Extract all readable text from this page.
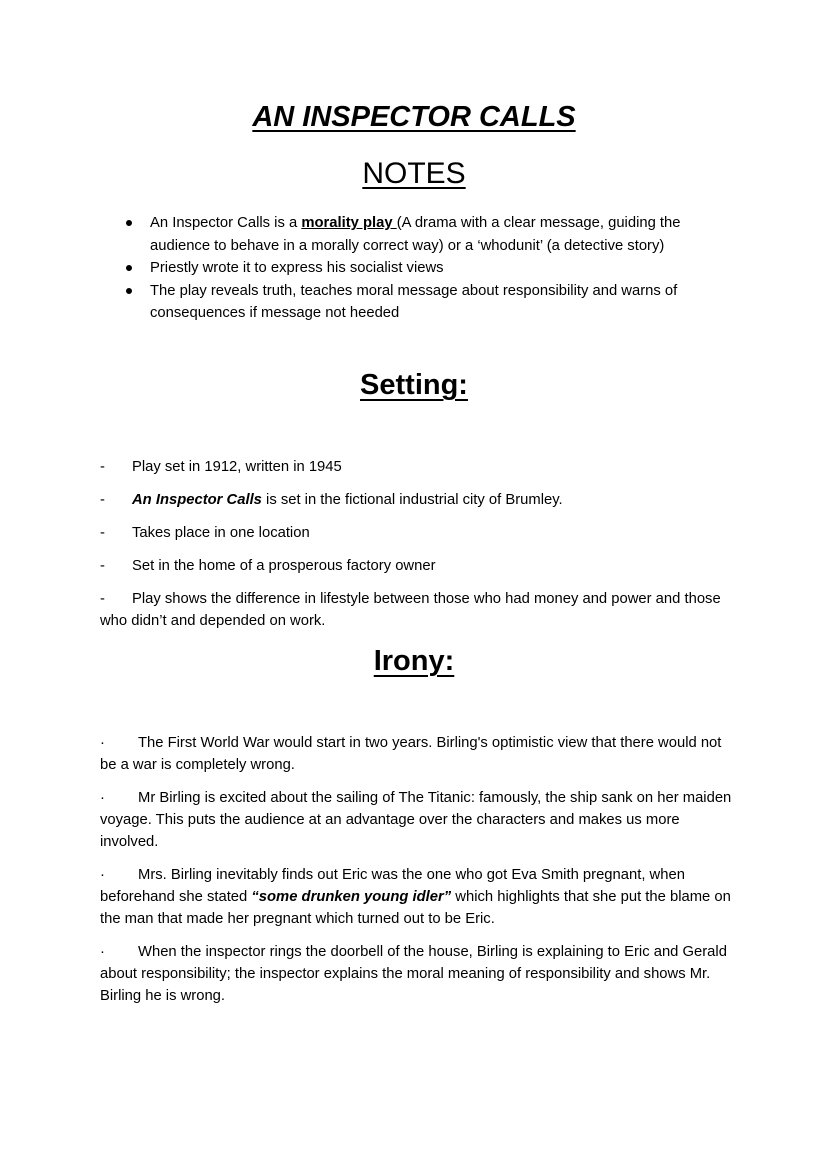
AN INSPECTOR CALLS
NOTES
An Inspector Calls is a morality play (A drama with a clear message, guiding the audience to behave in a morally correct way) or a ‘whodunit’ (a detective story)
Priestly wrote it to express his socialist views
The play reveals truth, teaches moral message about responsibility and warns of consequences if message not heeded
Setting:

-	Play set in 1912, written in 1945

-	An Inspector Calls is set in the fictional industrial city of Brumley.

-	Takes place in one location

-	Set in the home of a prosperous factory owner

-	Play shows the difference in lifestyle between those who had money and power and those who didn’t and depended on work.

Irony:

·	The First World War would start in two years. Birling's optimistic view that there would not be a war is completely wrong.

·	Mr Birling is excited about the sailing of The Titanic: famously, the ship sank on her maiden voyage. This puts the audience at an advantage over the characters and makes us more involved.

·	Mrs. Birling inevitably finds out Eric was the one who got Eva Smith pregnant, when beforehand she stated “some drunken young idler” which highlights that she put the blame on the man that made her pregnant which turned out to be Eric.

·	When the inspector rings the doorbell of the house, Birling is explaining to Eric and Gerald about responsibility; the inspector explains the moral meaning of responsibility and shows Mr. Birling he is wrong.
